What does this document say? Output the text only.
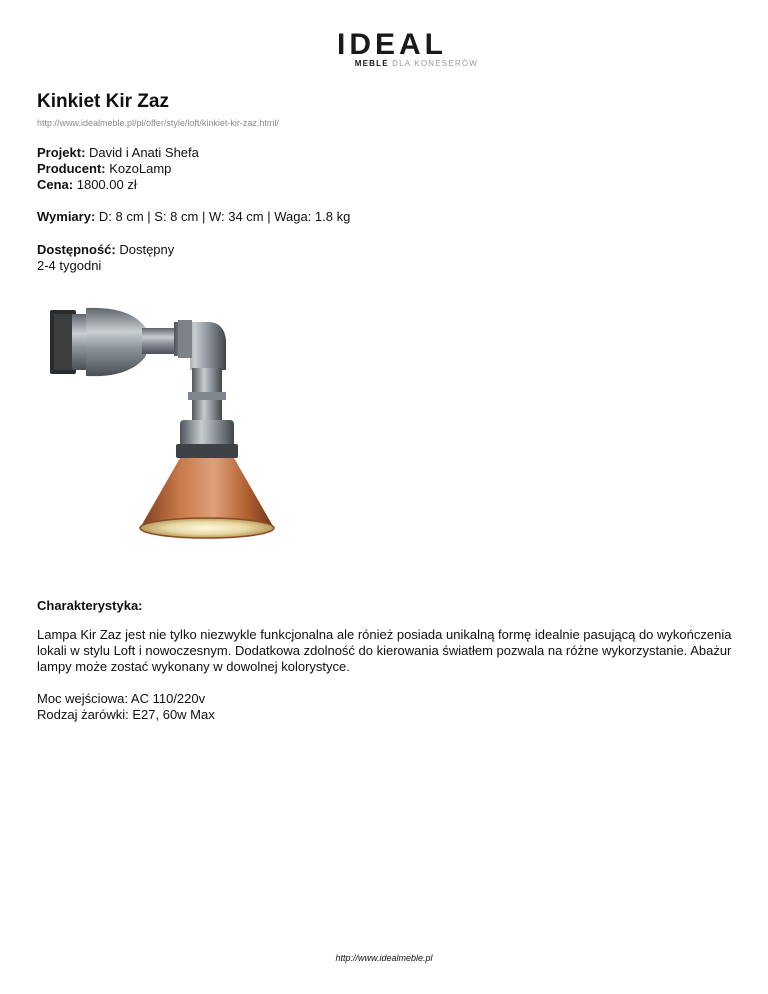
IDEAL
MEBLE DLA KONESERÓW
Kinkiet Kir Zaz
http://www.idealmeble.pl/pl/offer/style/loft/kinkiet-kir-zaz.html/
Projekt: David i Anati Shefa
Producent: KozoLamp
Cena: 1800.00 zł
Wymiary: D: 8 cm | S: 8 cm | W: 34 cm | Waga: 1.8 kg
Dostępność: Dostępny
2-4 tygodni
Charakterystyka:
Lampa Kir Zaz jest nie tylko niezwykle funkcjonalna ale rónież posiada unikalną formę idealnie pasującą do wykończenia lokali w stylu Loft i nowoczesnym. Dodatkowa zdolność do kierowania światłem pozwala na różne wykorzystanie. Abażur lampy może zostać wykonany w dowolnej kolorystyce.
Moc wejściowa: AC 110/220v
Rodzaj żarówki: E27, 60w Max
http://www.idealmeble.pl
